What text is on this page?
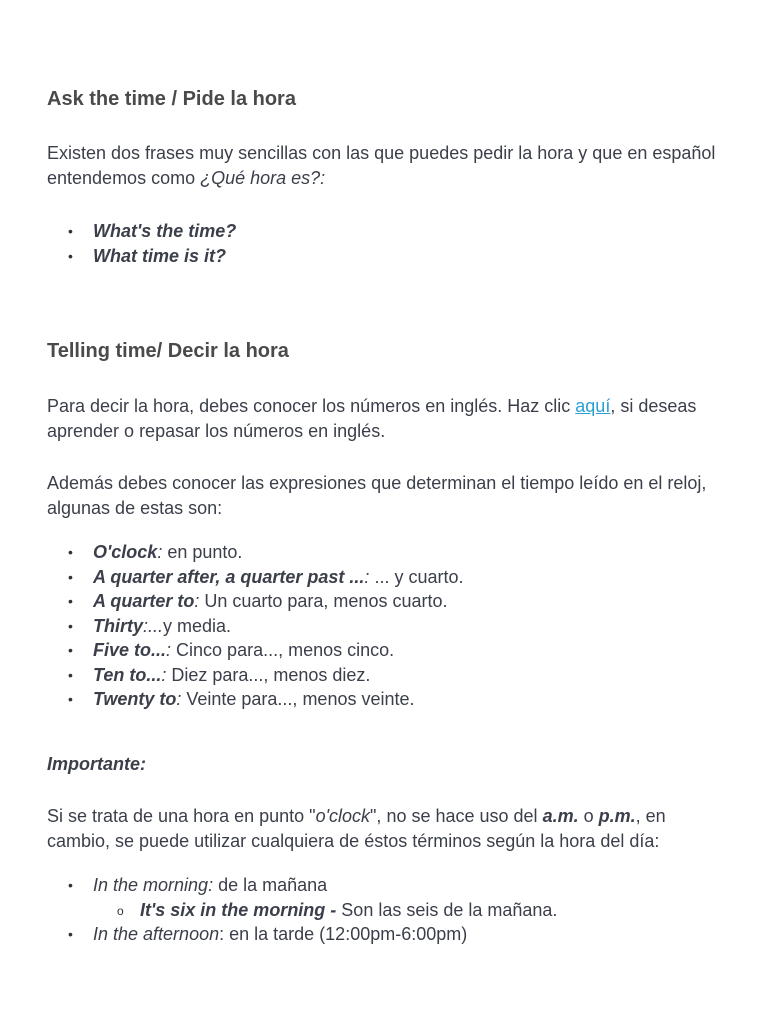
Ask the time / Pide la hora

Existen dos frases muy sencillas con las que puedes pedir la hora y que en español entendemos como ¿Qué hora es?:

• What's the time?
• What time is it?
Telling time/ Decir la hora

Para decir la hora, debes conocer los números en inglés. Haz clic aquí, si deseas aprender o repasar los números en inglés.

Además debes conocer las expresiones que determinan el tiempo leído en el reloj, algunas de estas son:

• O'clock: en punto.
• A quarter after, a quarter past ...: ... y cuarto.
• A quarter to: Un cuarto para, menos cuarto.
• Thirty:...y media.
• Five to...: Cinco para..., menos cinco.
• Ten to...: Diez para..., menos diez.
• Twenty to: Veinte para..., menos veinte.

Importante:

Si se trata de una hora en punto "o'clock", no se hace uso del a.m. o p.m., en cambio, se puede utilizar cualquiera de éstos términos según la hora del día:

• In the morning: de la mañana
o It's six in the morning - Son las seis de la mañana.
• In the afternoon: en la tarde (12:00pm-6:00pm)
